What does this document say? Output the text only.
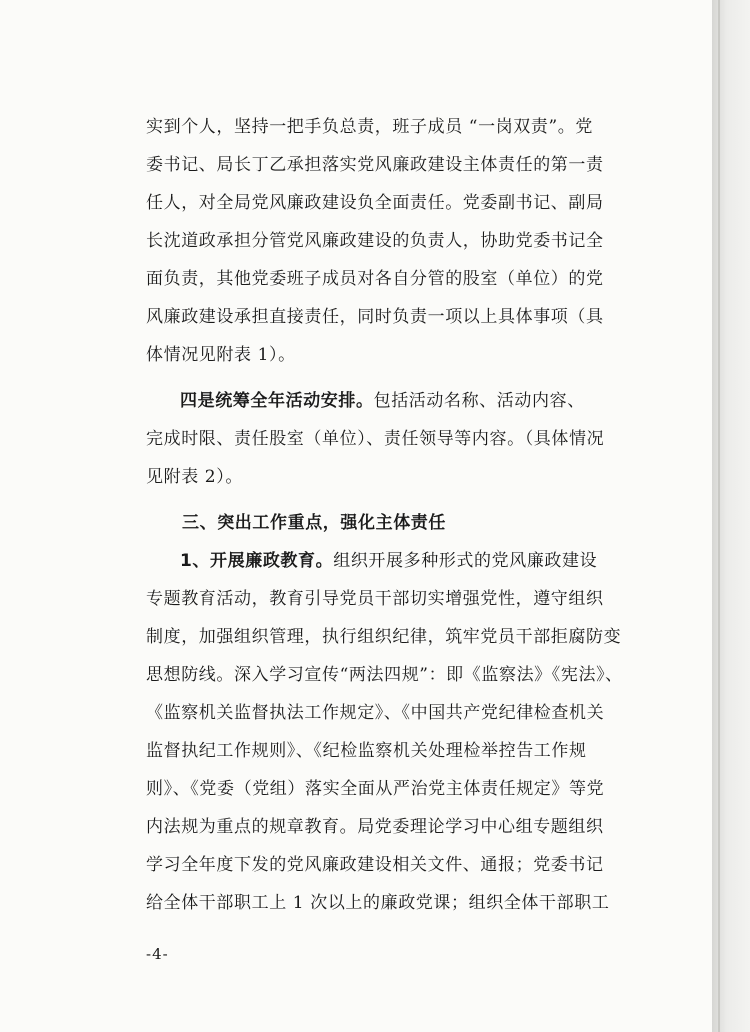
实到个人，坚持一把手负总责，班子成员 “一岗双责”。党
委书记、局长丁乙承担落实党风廉政建设主体责任的第一责
任人，对全局党风廉政建设负全面责任。党委副书记、副局
长沈道政承担分管党风廉政建设的负责人，协助党委书记全
面负责，其他党委班子成员对各自分管的股室（单位）的党
风廉政建设承担直接责任，同时负责一项以上具体事项（具
体情况见附表 1）。
四是统筹全年活动安排。包括活动名称、活动内容、
完成时限、责任股室（单位）、责任领导等内容。（具体情况
见附表 2）。
三、突出工作重点，强化主体责任
1、开展廉政教育。组织开展多种形式的党风廉政建设
专题教育活动，教育引导党员干部切实增强党性，遵守组织
制度，加强组织管理，执行组织纪律，筑牢党员干部拒腐防变
思想防线。深入学习宣传“两法四规”：即《监察法》《宪法》、
《监察机关监督执法工作规定》、《中国共产党纪律检查机关
监督执纪工作规则》、《纪检监察机关处理检举控告工作规
则》、《党委（党组）落实全面从严治党主体责任规定》等党
内法规为重点的规章教育。局党委理论学习中心组专题组织
学习全年度下发的党风廉政建设相关文件、通报；党委书记
给全体干部职工上 1 次以上的廉政党课；组织全体干部职工
-4-
